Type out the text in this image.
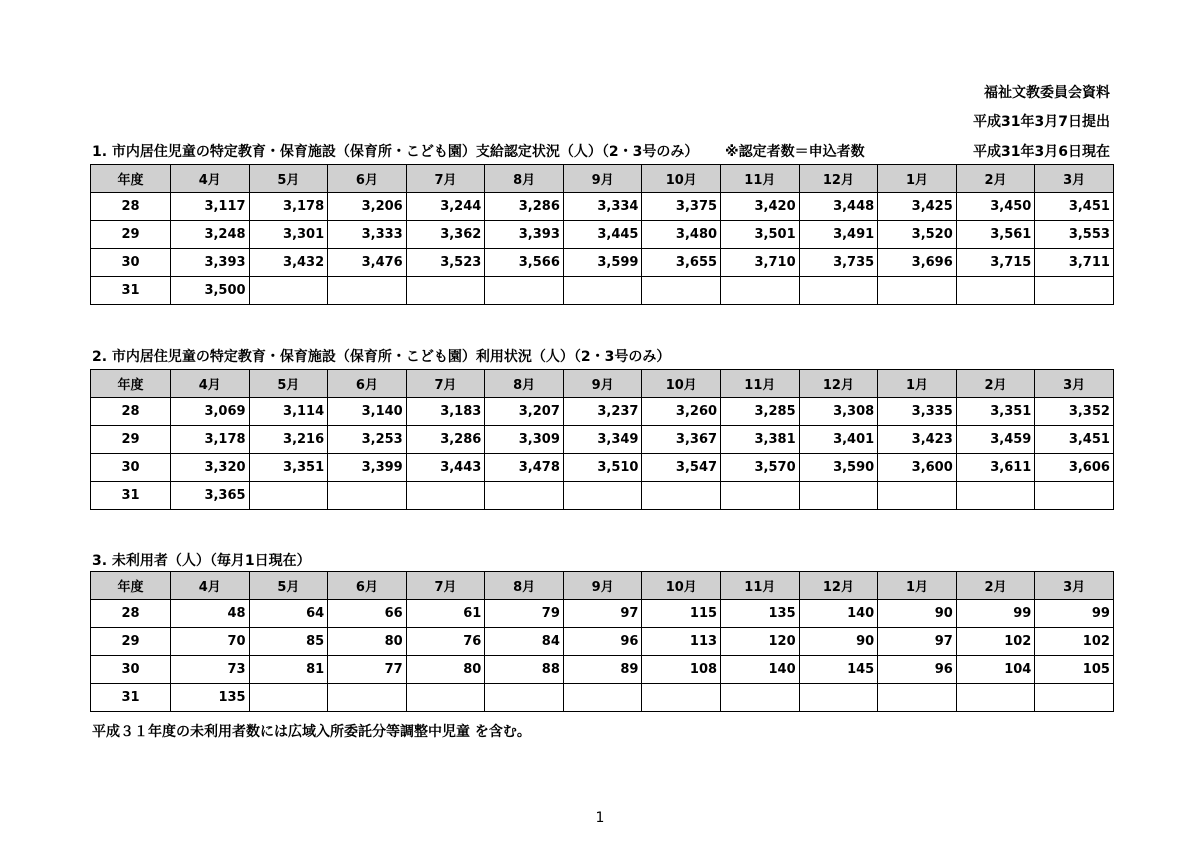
福祉文教委員会資料
平成31年3月7日提出
平成31年3月6日現在
1. 市内居住児童の特定教育・保育施設（保育所・こども園）支給認定状況（人）（2・3号のみ） ※認定者数＝申込者数
年度	4月	5月	6月	7月	8月	9月	10月	11月	12月	1月	2月	3月
28	3,117	3,178	3,206	3,244	3,286	3,334	3,375	3,420	3,448	3,425	3,450	3,451
29	3,248	3,301	3,333	3,362	3,393	3,445	3,480	3,501	3,491	3,520	3,561	3,553
30	3,393	3,432	3,476	3,523	3,566	3,599	3,655	3,710	3,735	3,696	3,715	3,711
31	3,500											
2. 市内居住児童の特定教育・保育施設（保育所・こども園）利用状況（人）（2・3号のみ）
年度	4月	5月	6月	7月	8月	9月	10月	11月	12月	1月	2月	3月
28	3,069	3,114	3,140	3,183	3,207	3,237	3,260	3,285	3,308	3,335	3,351	3,352
29	3,178	3,216	3,253	3,286	3,309	3,349	3,367	3,381	3,401	3,423	3,459	3,451
30	3,320	3,351	3,399	3,443	3,478	3,510	3,547	3,570	3,590	3,600	3,611	3,606
31	3,365											
3. 未利用者（人）（毎月1日現在）
年度	4月	5月	6月	7月	8月	9月	10月	11月	12月	1月	2月	3月
28	48	64	66	61	79	97	115	135	140	90	99	99
29	70	85	80	76	84	96	113	120	90	97	102	102
30	73	81	77	80	88	89	108	140	145	96	104	105
31	135											
平成３１年度の未利用者数には広域入所委託分等調整中児童 を含む。
1
